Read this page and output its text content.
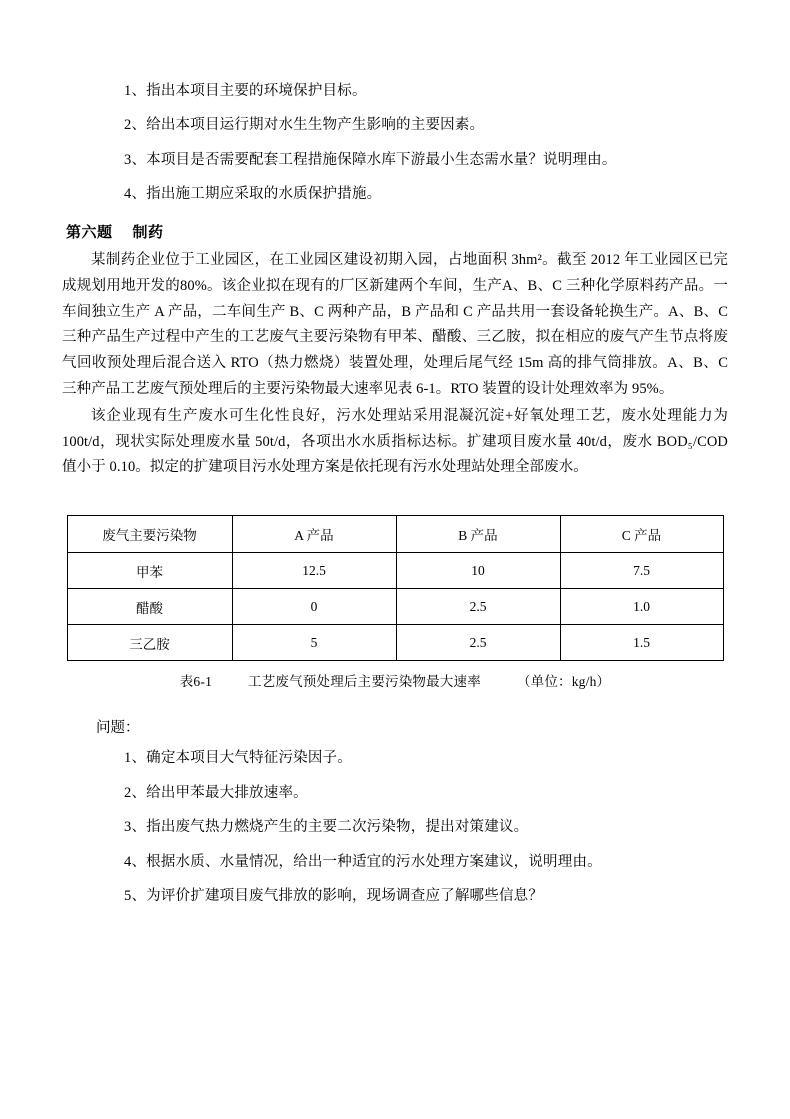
1、指出本项目主要的环境保护目标。

2、给出本项目运行期对水生生物产生影响的主要因素。

3、本项目是否需要配套工程措施保障水库下游最小生态需水量？说明理由。

4、指出施工期应采取的水质保护措施。

第六题 制药

某制药企业位于工业园区，在工业园区建设初期入园，占地面积 3hm²。截至 2012 年工业园区已完成规划用地开发的80%。该企业拟在现有的厂区新建两个车间，生产A、B、C 三种化学原料药产品。一车间独立生产 A 产品，二车间生产 B、C 两种产品，B 产品和 C 产品共用一套设备轮换生产。A、B、C 三种产品生产过程中产生的工艺废气主要污染物有甲苯、醋酸、三乙胺，拟在相应的废气产生节点将废气回收预处理后混合送入 RTO（热力燃烧）装置处理，处理后尾气经 15m 高的排气筒排放。A、B、C 三种产品工艺废气预处理后的主要污染物最大速率见表 6-1。RTO 装置的设计处理效率为 95%。

该企业现有生产废水可生化性良好，污水处理站采用混凝沉淀+好氧处理工艺，废水处理能力为 100t/d，现状实际处理废水量 50t/d，各项出水水质指标达标。扩建项目废水量 40t/d，废水 BOD₅/COD 值小于 0.10。拟定的扩建项目污水处理方案是依托现有污水处理站处理全部废水。

废气主要污染物	A 产品	B 产品	C 产品
甲苯	12.5	10	7.5
醋酸	0	2.5	1.0
三乙胺	5	2.5	1.5
表6-1	工艺废气预处理后主要污染物最大速率	（单位：kg/h）

问题：

1、确定本项目大气特征污染因子。

2、给出甲苯最大排放速率。

3、指出废气热力燃烧产生的主要二次污染物，提出对策建议。

4、根据水质、水量情况，给出一种适宜的污水处理方案建议，说明理由。

5、为评价扩建项目废气排放的影响，现场调查应了解哪些信息？
